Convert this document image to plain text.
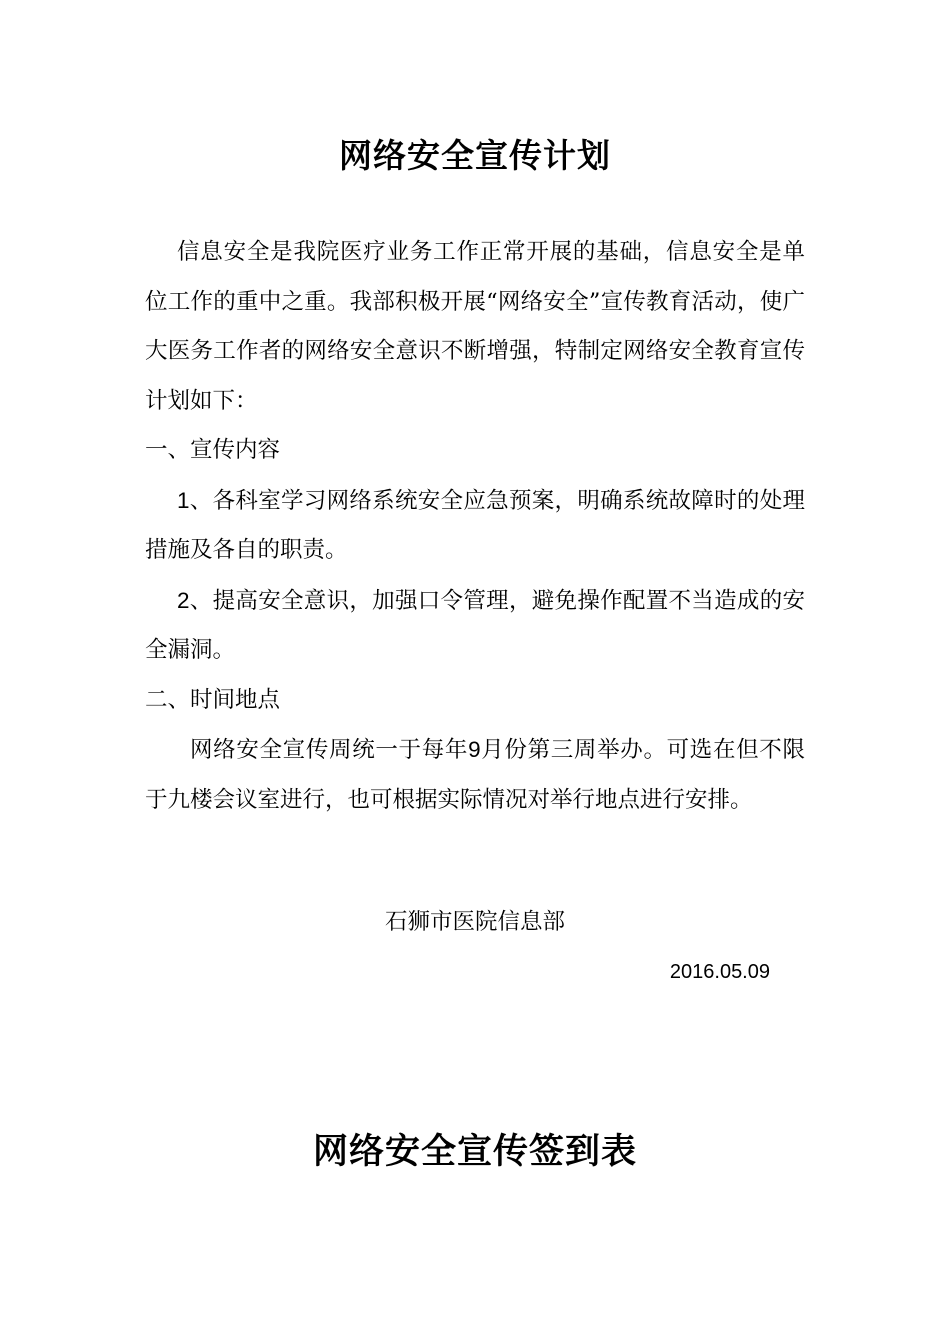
网络安全宣传计划

信息安全是我院医疗业务工作正常开展的基础，信息安全是单位工作的重中之重。我部积极开展“网络安全”宣传教育活动，使广大医务工作者的网络安全意识不断增强，特制定网络安全教育宣传计划如下：

一、宣传内容

1、各科室学习网络系统安全应急预案，明确系统故障时的处理措施及各自的职责。

2、提高安全意识，加强口令管理，避免操作配置不当造成的安全漏洞。

二、时间地点

网络安全宣传周统一于每年9月份第三周举办。可选在但不限于九楼会议室进行，也可根据实际情况对举行地点进行安排。

石狮市医院信息部
2016.05.09
网络安全宣传签到表
